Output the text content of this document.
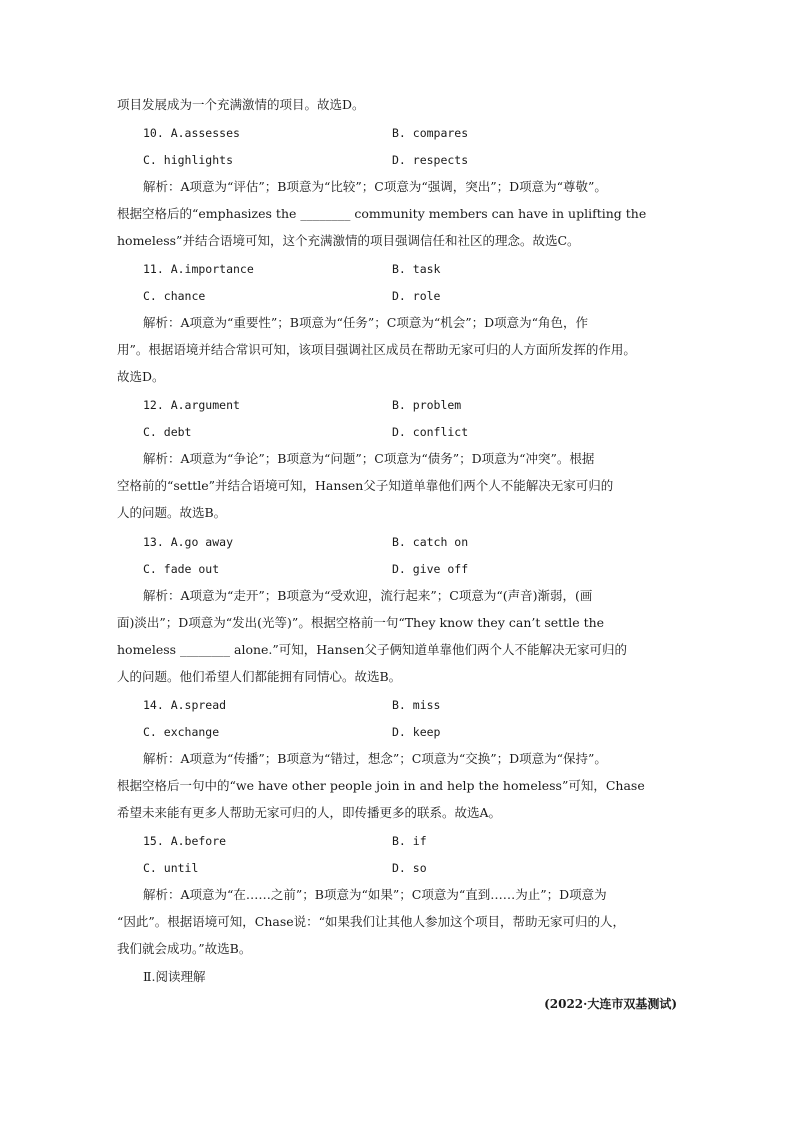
项目发展成为一个充满激情的项目。故选D。
10. A.assesses	B. compares
C. highlights	D. respects
解析：A项意为“评估”；B项意为“比较”；C项意为“强调，突出”；D项意为“尊敬”。
根据空格后的“emphasizes the ________ community members can have in uplifting the
homeless”并结合语境可知，这个充满激情的项目强调信任和社区的理念。故选C。
11. A.importance	B. task
C. chance	D. role
解析：A项意为“重要性”；B项意为“任务”；C项意为“机会”；D项意为“角色，作
用”。根据语境并结合常识可知，该项目强调社区成员在帮助无家可归的人方面所发挥的作用。
故选D。
12. A.argument	B. problem
C. debt	D. conflict
解析：A项意为“争论”；B项意为“问题”；C项意为“债务”；D项意为“冲突”。根据
空格前的“settle”并结合语境可知，Hansen父子知道单靠他们两个人不能解决无家可归的
人的问题。故选B。
13. A.go away	B. catch on
C. fade out	D. give off
解析：A项意为“走开”；B项意为“受欢迎，流行起来”；C项意为“(声音)渐弱，(画
面)淡出”；D项意为“发出(光等)”。根据空格前一句“They know they can’t settle the
homeless ________ alone.”可知，Hansen父子俩知道单靠他们两个人不能解决无家可归的
人的问题。他们希望人们都能拥有同情心。故选B。
14. A.spread	B. miss
C. exchange	D. keep
解析：A项意为“传播”；B项意为“错过，想念”；C项意为“交换”；D项意为“保持”。
根据空格后一句中的“we have other people join in and help the homeless”可知，Chase
希望未来能有更多人帮助无家可归的人，即传播更多的联系。故选A。
15. A.before	B. if
C. until	D. so
解析：A项意为“在……之前”；B项意为“如果”；C项意为“直到……为止”；D项意为
“因此”。根据语境可知，Chase说：“如果我们让其他人参加这个项目，帮助无家可归的人，
我们就会成功。”故选B。
Ⅱ.阅读理解
(2022·大连市双基测试)
